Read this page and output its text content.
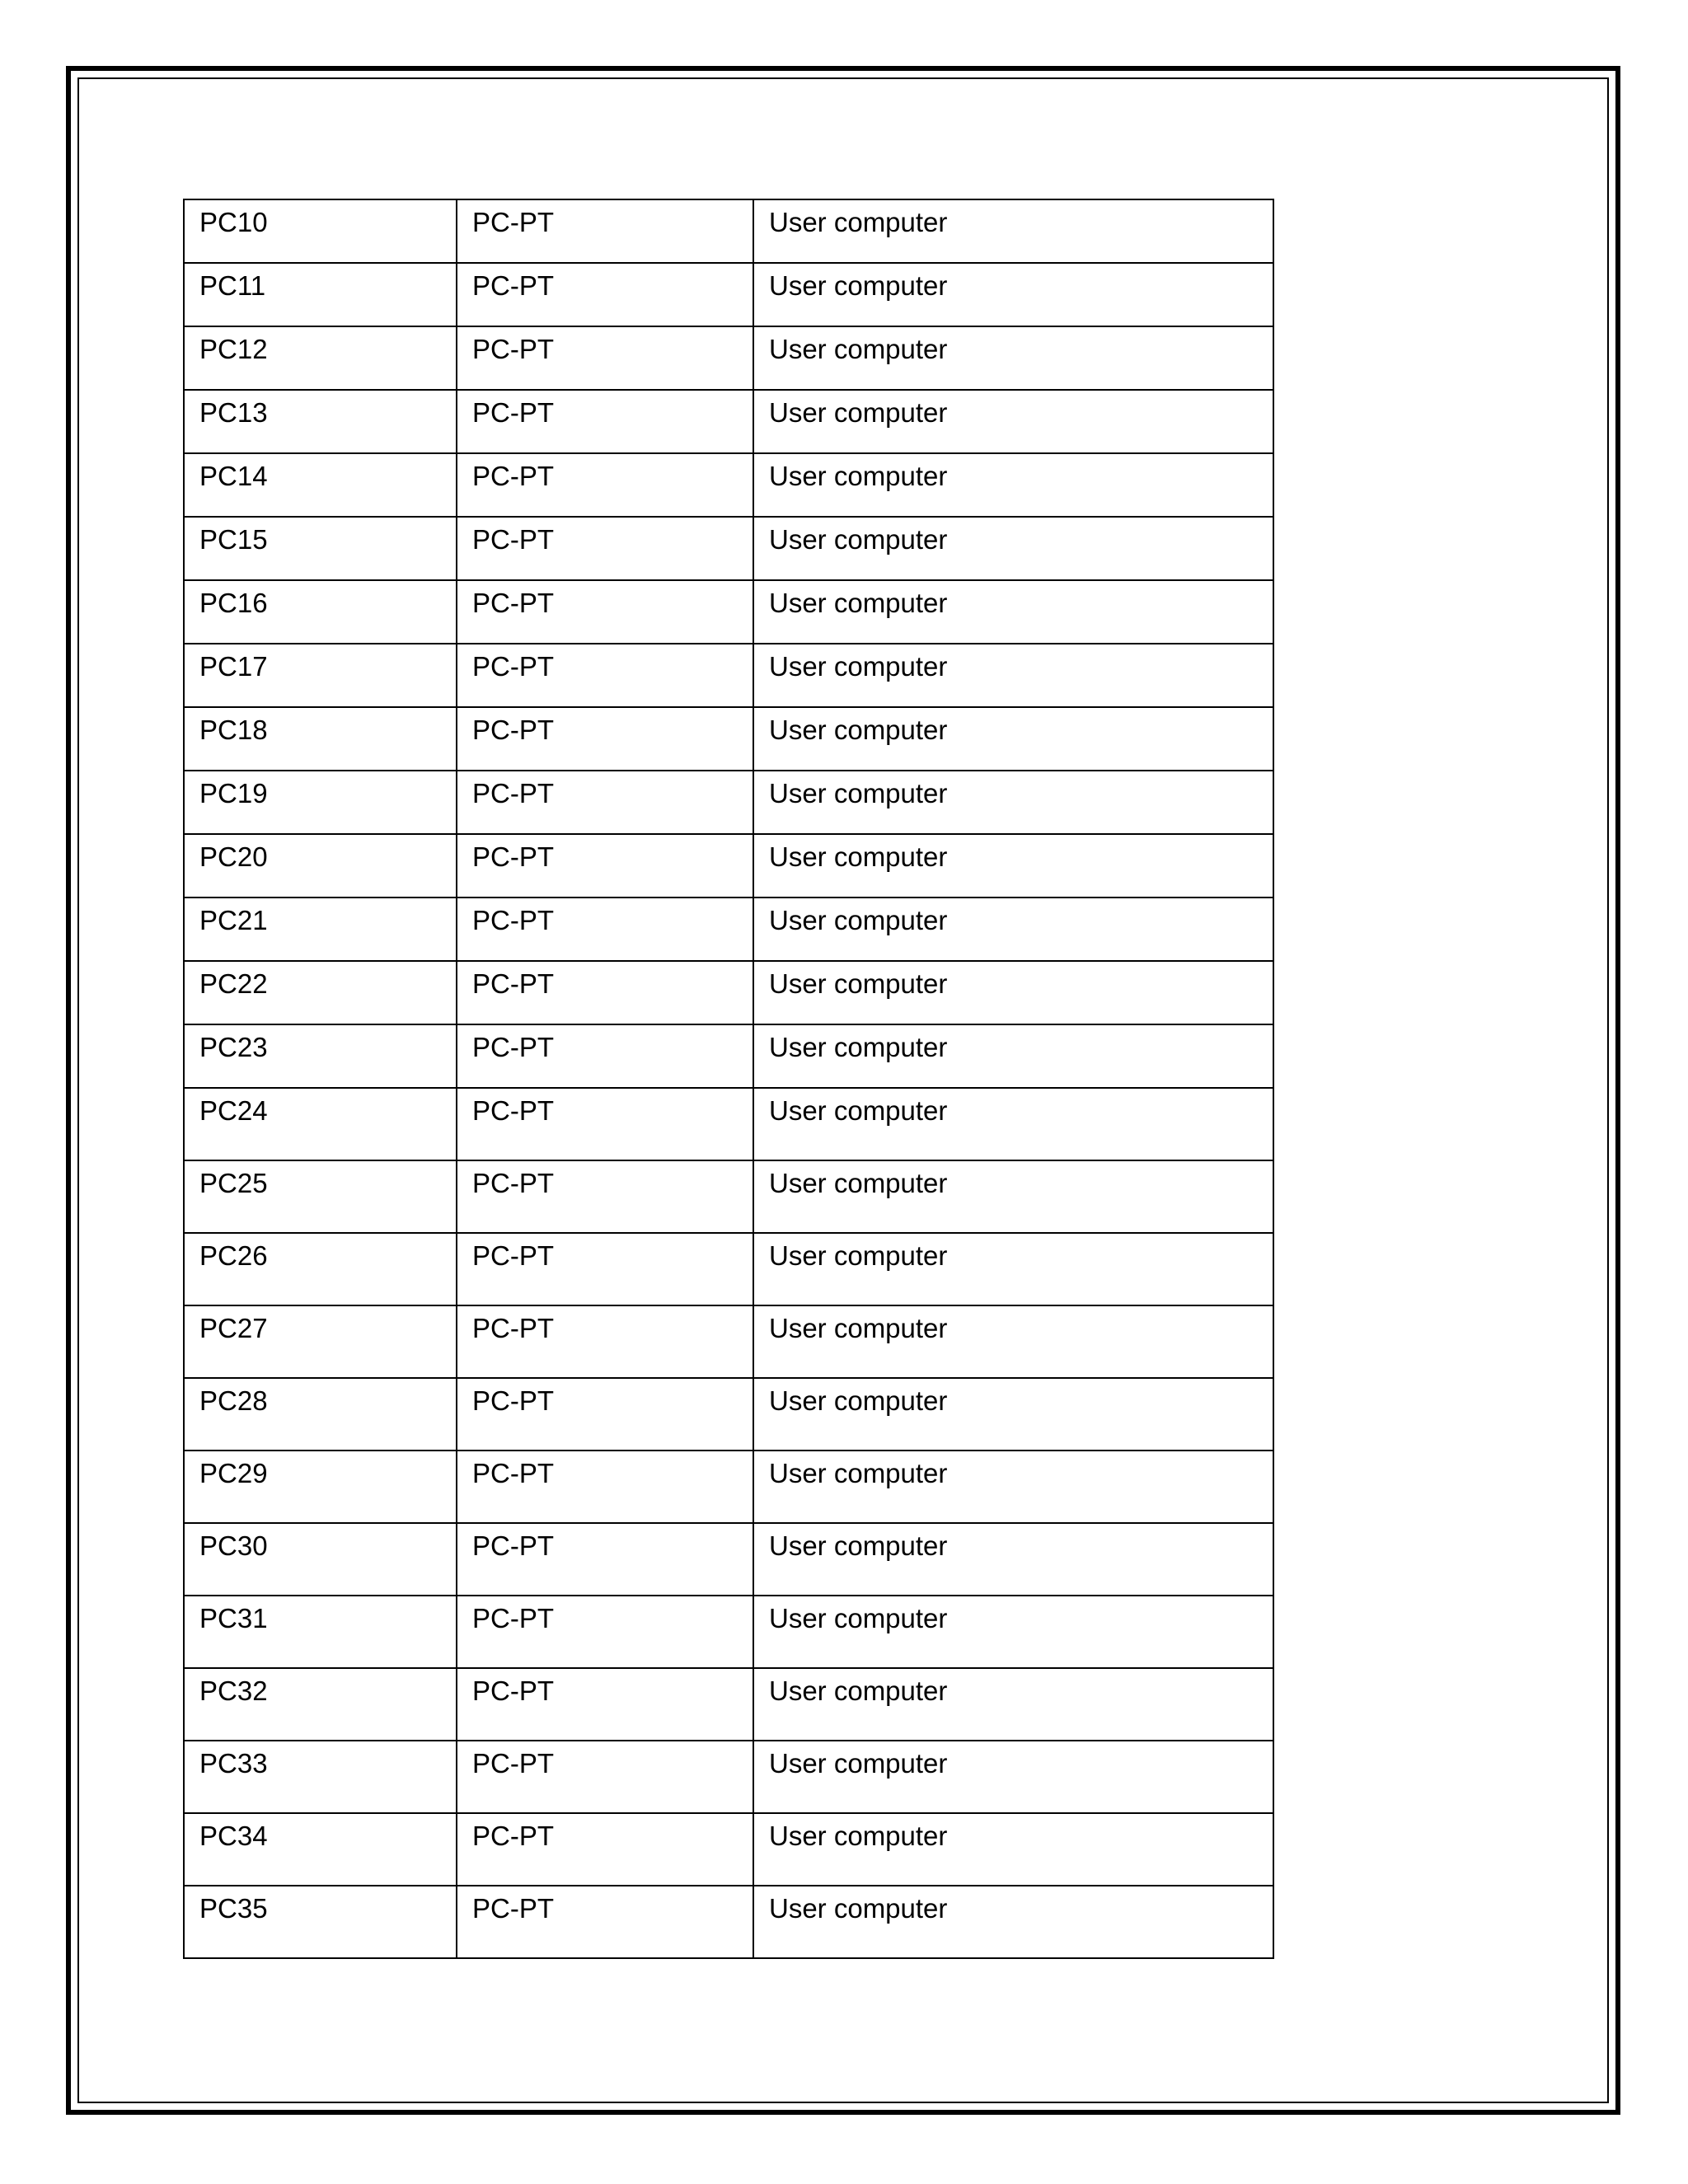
PC10	PC-PT	User computer
PC11	PC-PT	User computer
PC12	PC-PT	User computer
PC13	PC-PT	User computer
PC14	PC-PT	User computer
PC15	PC-PT	User computer
PC16	PC-PT	User computer
PC17	PC-PT	User computer
PC18	PC-PT	User computer
PC19	PC-PT	User computer
PC20	PC-PT	User computer
PC21	PC-PT	User computer
PC22	PC-PT	User computer
PC23	PC-PT	User computer
PC24	PC-PT	User computer
PC25	PC-PT	User computer
PC26	PC-PT	User computer
PC27	PC-PT	User computer
PC28	PC-PT	User computer
PC29	PC-PT	User computer
PC30	PC-PT	User computer
PC31	PC-PT	User computer
PC32	PC-PT	User computer
PC33	PC-PT	User computer
PC34	PC-PT	User computer
PC35	PC-PT	User computer
